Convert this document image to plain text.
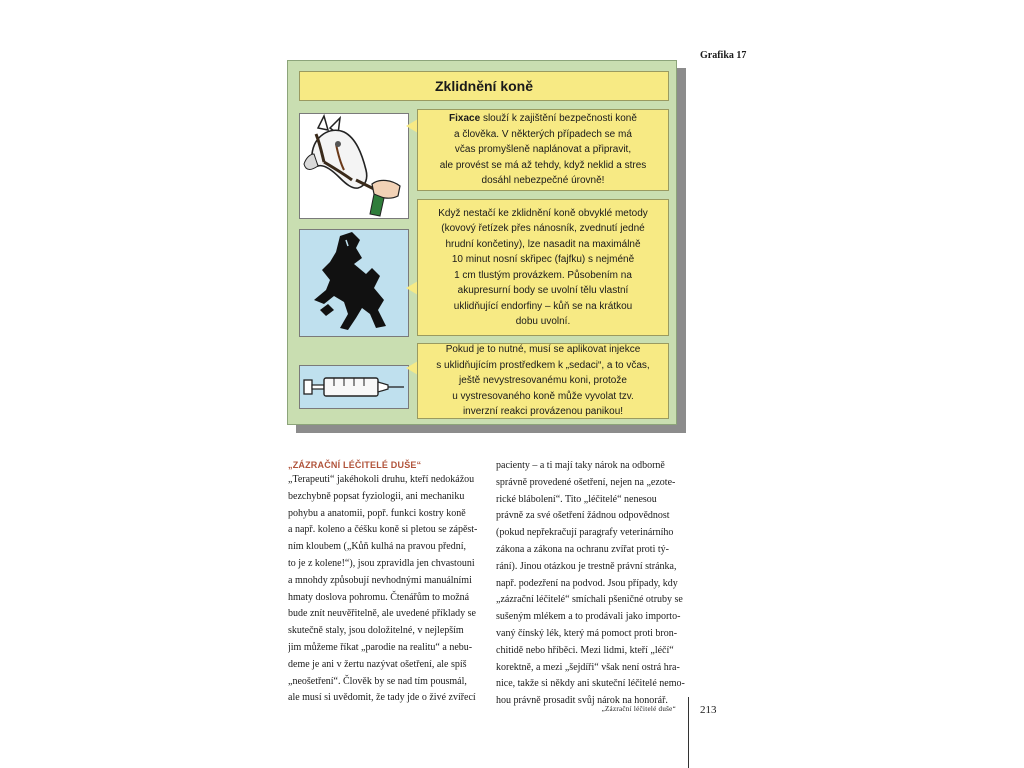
Grafika 17
Zklidnění koně
Fixace slouží k zajištění bezpečnosti koně
a člověka. V některých případech se má
včas promyšleně naplánovat a připravit,
ale provést se má až tehdy, když neklid a stres
dosáhl nebezpečné úrovně!
Když nestačí ke zklidnění koně obvyklé metody
(kovový řetízek přes nánosník, zvednutí jedné
hrudní končetiny), lze nasadit na maximálně
10 minut nosní skřipec (fajfku) s nejméně
1 cm tlustým provázkem. Působením na
akupresurní body se uvolní tělu vlastní
uklidňující endorfiny – kůň se na krátkou
dobu uvolní.
Pokud je to nutné, musí se aplikovat injekce
s uklidňujícím prostředkem k „sedaci“, a to včas,
ještě nevystresovanému koni, protože
u vystresovaného koně může vyvolat tzv.
inverzní reakci provázenou panikou!
„ZÁZRAČNÍ LÉČITELÉ DUŠE“
„Terapeuti“ jakéhokoli druhu, kteří nedokážou
bezchybně popsat fyziologii, ani mechaniku
pohybu a anatomii, popř. funkci kostry koně
a např. koleno a čéšku koně si pletou se zápěst-
ním kloubem („Kůň kulhá na pravou přední,
to je z kolene!“), jsou zpravidla jen chvastouni
a mnohdy způsobují nevhodnými manuálními
hmaty doslova pohromu. Čtenářům to možná
bude znít neuvěřitelně, ale uvedené příklady se
skutečně staly, jsou doložitelné, v nejlepším
jim můžeme říkat „parodie na realitu“ a nebu-
deme je ani v žertu nazývat ošetření, ale spíš
„neošetření“. Člověk by se nad tím pousmál,
ale musí si uvědomit, že tady jde o živé zvířecí
pacienty – a ti mají taky nárok na odborně
správně provedené ošetření, nejen na „ezote-
rické blábolení“. Tito „léčitelé“ nenesou
právně za své ošetření žádnou odpovědnost
(pokud nepřekračují paragrafy veterinárního
zákona a zákona na ochranu zvířat proti tý-
rání). Jinou otázkou je trestně právní stránka,
např. podezření na podvod. Jsou případy, kdy
„zázrační léčitelé“ smíchali pšeničné otruby se
sušeným mlékem a to prodávali jako importo-
vaný čínský lék, který má pomoct proti bron-
chitidě nebo hříběci. Mezi lidmi, kteří „léčí“
korektně, a mezi „šejdíři“ však není ostrá hra-
nice, takže si někdy ani skuteční léčitelé nemo-
hou právně prosadit svůj nárok na honorář.
„Zázrační léčitelé duše“ 213
